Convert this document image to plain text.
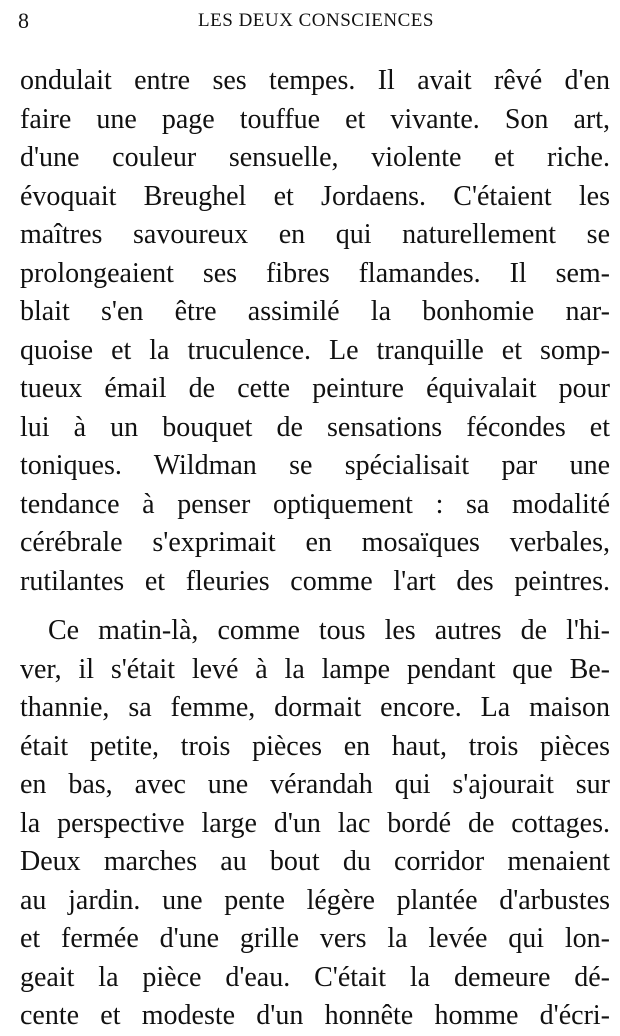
8	LES DEUX CONSCIENCES
ondulait entre ses tempes. Il avait rêvé d'en
faire une page touffue et vivante. Son art,
d'une couleur sensuelle, violente et riche.
évoquait Breughel et Jordaens. C'étaient les
maîtres savoureux en qui naturellement se
prolongeaient ses fibres flamandes. Il sem-
blait s'en être assimilé la bonhomie nar-
quoise et la truculence. Le tranquille et somp-
tueux émail de cette peinture équivalait pour
lui à un bouquet de sensations fécondes et
toniques. Wildman se spécialisait par une
tendance à penser optiquement : sa modalité
cérébrale s'exprimait en mosaïques verbales,
rutilantes et fleuries comme l'art des peintres.
Ce matin-là, comme tous les autres de l'hi-
ver, il s'était levé à la lampe pendant que Be-
thannie, sa femme, dormait encore. La maison
était petite, trois pièces en haut, trois pièces
en bas, avec une vérandah qui s'ajourait sur
la perspective large d'un lac bordé de cottages.
Deux marches au bout du corridor menaient
au jardin. une pente légère plantée d'arbustes
et fermée d'une grille vers la levée qui lon-
geait la pièce d'eau. C'était la demeure dé-
cente et modeste d'un honnête homme d'écri-
